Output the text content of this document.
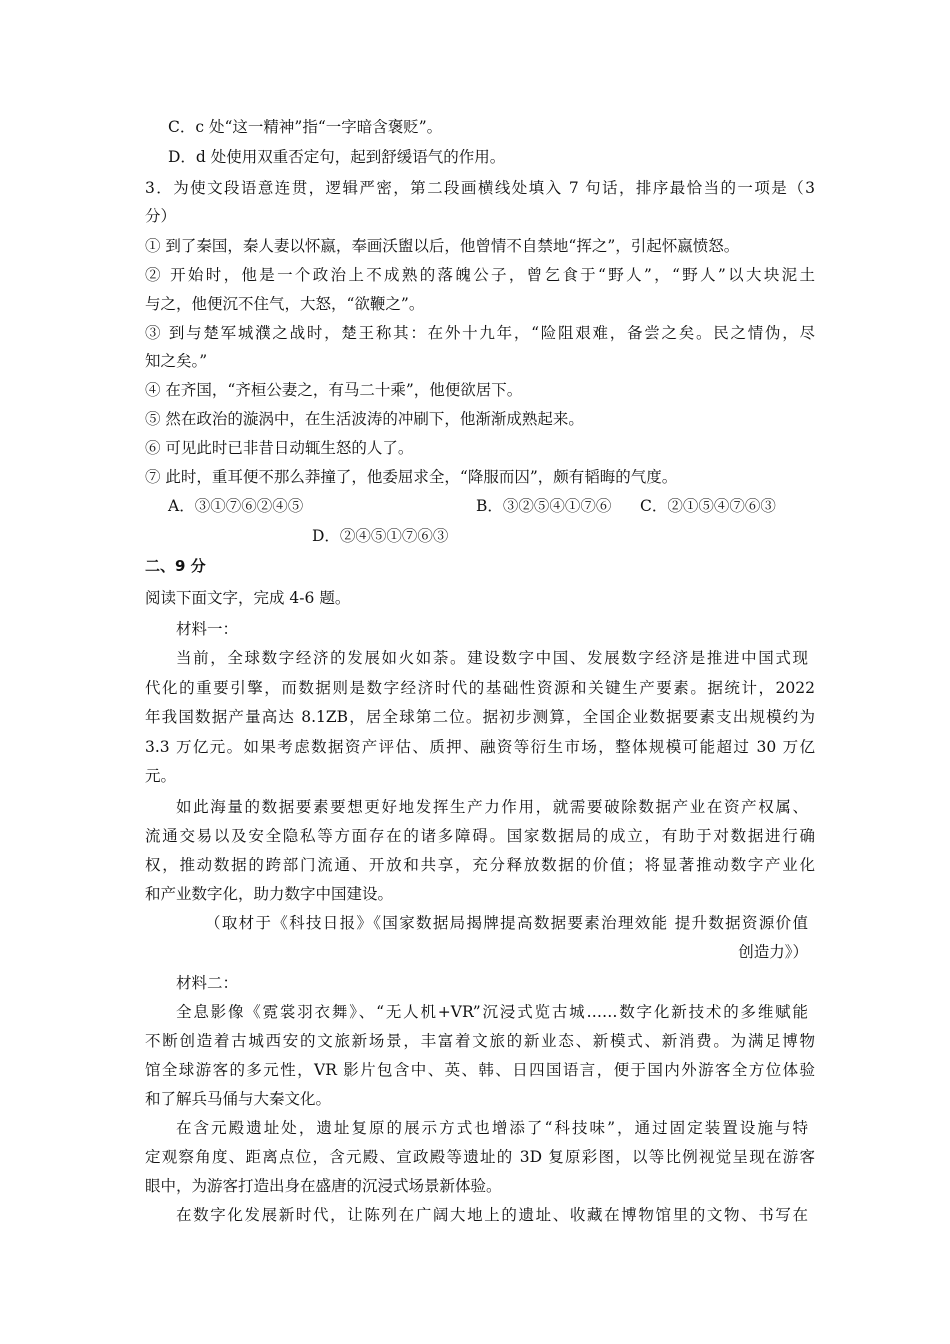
C．c 处“这一精神”指“一字暗含褒贬”。
D．d 处使用双重否定句，起到舒缓语气的作用。
3．为使文段语意连贯，逻辑严密，第二段画横线处填入 7 句话，排序最恰当的一项是（3
分）
① 到了秦国，秦人妻以怀嬴，奉画沃盥以后，他曾情不自禁地“挥之”，引起怀嬴愤怒。
② 开始时，他是一个政治上不成熟的落魄公子，曾乞食于“野人”，“野人”以大块泥土
与之，他便沉不住气，大怒，“欲鞭之”。
③ 到与楚军城濮之战时，楚王称其：在外十九年，“险阻艰难，备尝之矣。民之情伪，尽
知之矣。”
④ 在齐国，“齐桓公妻之，有马二十乘”，他便欲居下。
⑤ 然在政治的漩涡中，在生活波涛的冲刷下，他渐渐成熟起来。
⑥ 可见此时已非昔日动辄生怒的人了。
⑦ 此时，重耳便不那么莽撞了，他委屈求全，“降服而囚”，颇有韬晦的气度。
A．③①⑦⑥②④⑤	B．③②⑤④①⑦⑥ C．②①⑤④⑦⑥③
D．②④⑤①⑦⑥③
二、9 分
阅读下面文字，完成 4-6 题。
材料一：
当前，全球数字经济的发展如火如荼。建设数字中国、发展数字经济是推进中国式现
代化的重要引擎，而数据则是数字经济时代的基础性资源和关键生产要素。据统计，2022
年我国数据产量高达 8.1ZB，居全球第二位。据初步测算，全国企业数据要素支出规模约为
3.3 万亿元。如果考虑数据资产评估、质押、融资等衍生市场，整体规模可能超过 30 万亿
元。
如此海量的数据要素要想更好地发挥生产力作用，就需要破除数据产业在资产权属、
流通交易以及安全隐私等方面存在的诸多障碍。国家数据局的成立，有助于对数据进行确
权，推动数据的跨部门流通、开放和共享，充分释放数据的价值；将显著推动数字产业化
和产业数字化，助力数字中国建设。
（取材于《科技日报》《国家数据局揭牌提高数据要素治理效能 提升数据资源价值
创造力》）
材料二：
全息影像《霓裳羽衣舞》、“无人机+VR”沉浸式览古城……数字化新技术的多维赋能
不断创造着古城西安的文旅新场景，丰富着文旅的新业态、新模式、新消费。为满足博物
馆全球游客的多元性，VR 影片包含中、英、韩、日四国语言，便于国内外游客全方位体验
和了解兵马俑与大秦文化。
在含元殿遗址处，遗址复原的展示方式也增添了“科技味”，通过固定装置设施与特
定观察角度、距离点位，含元殿、宣政殿等遗址的 3D 复原彩图，以等比例视觉呈现在游客
眼中，为游客打造出身在盛唐的沉浸式场景新体验。
在数字化发展新时代，让陈列在广阔大地上的遗址、收藏在博物馆里的文物、书写在
